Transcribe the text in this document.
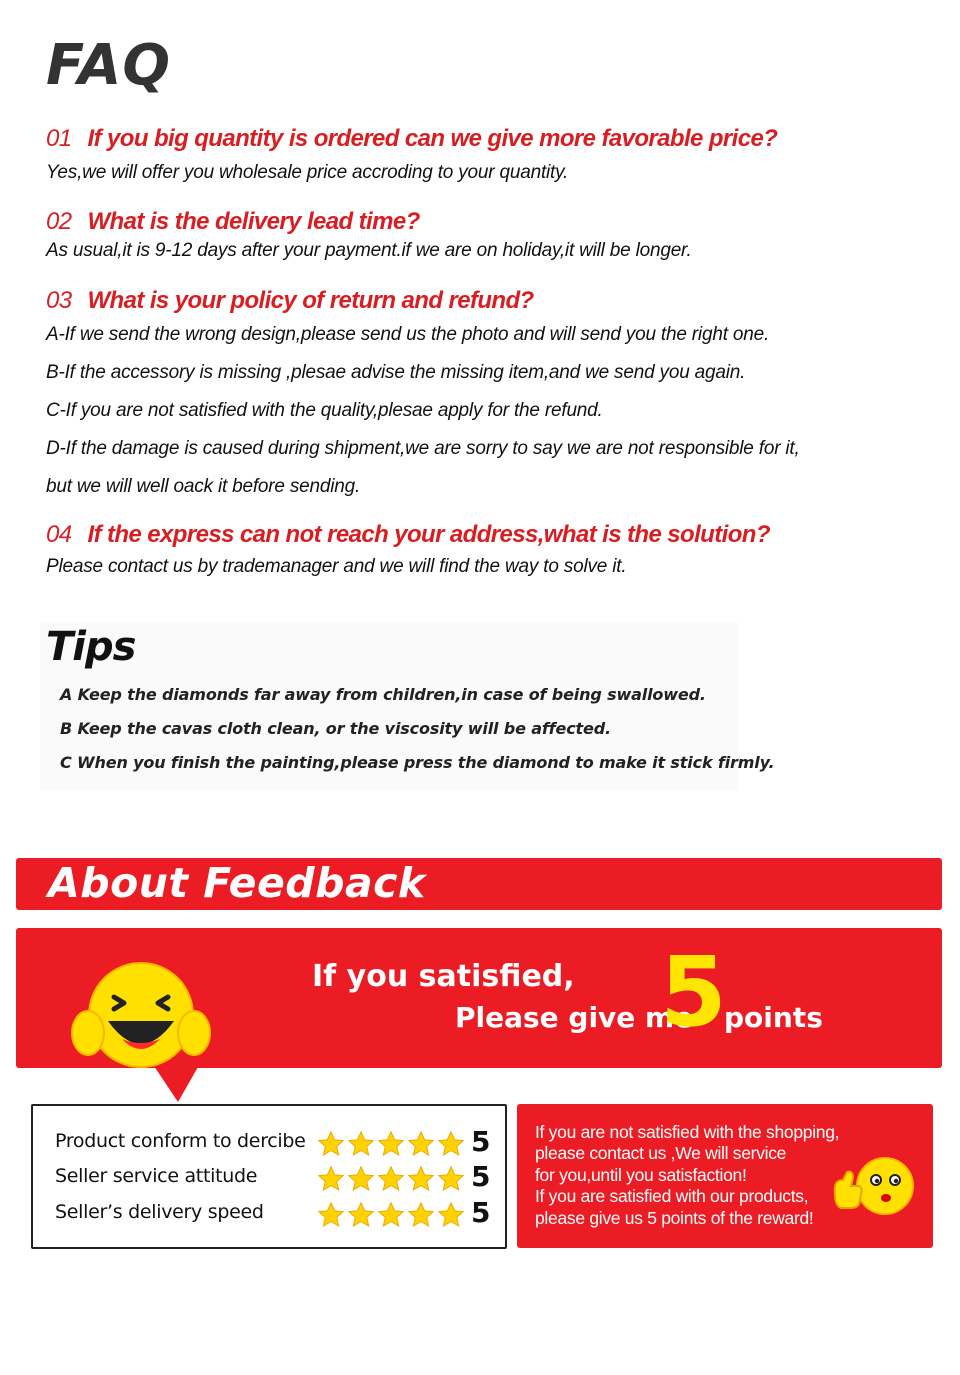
FAQ

01 If you big quantity is ordered can we give more favorable price?

Yes,we will offer you wholesale price accroding to your quantity.

02 What is the delivery lead time?

As usual,it is 9-12 days after your payment.if we are on holiday,it will be longer.

03 What is your policy of return and refund?

A-If we send the wrong design,please send us the photo and will send you the right one.

B-If the accessory is missing ,plesae advise the missing item,and we send you again.

C-If you are not satisfied with the quality,plesae apply for the refund.

D-If the damage is caused during shipment,we are sorry to say we are not responsible for it,

but we will well oack it before sending.

04 If the express can not reach your address,what is the solution?

Please contact us by trademanager and we will find the way to solve it.

Tips

A Keep the diamonds far away from children,in case of being swallowed.

B Keep the cavas cloth clean, or the viscosity will be affected.

C When you finish the painting,please press the diamond to make it stick firmly.

About Feedback

If you satisfied,

Please give me

5

points

Product conform to dercibe	5

Seller service attitude	5

Seller’s delivery speed	5

If you are not satisfied with the shopping,

please contact us ,We will service

for you,until you satisfaction!

If you are satisfied with our products,

please give us 5 points of the reward!
